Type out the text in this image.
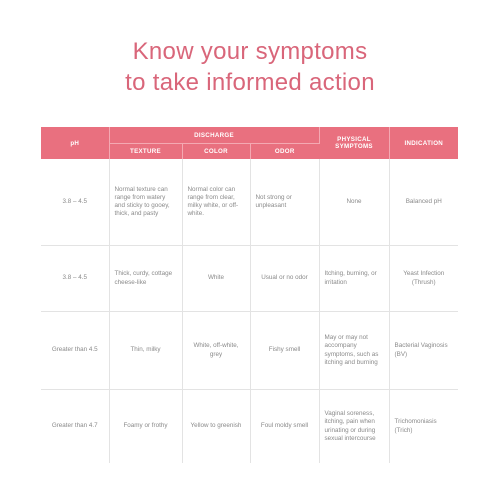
Know your symptoms
to take informed action
pH	DISCHARGE			PHYSICAL SYMPTOMS	INDICATION
	TEXTURE	COLOR	ODOR		
3.8 – 4.5	Normal texture can range from watery and sticky to gooey, thick, and pasty	Normal color can range from clear, milky white, or off-white.	Not strong or unpleasant	None	Balanced pH
3.8 – 4.5	Thick, curdy, cottage cheese-like	White	Usual or no odor	Itching, burning, or irritation	Yeast Infection (Thrush)
Greater than 4.5	Thin, milky	White, off-white, grey	Fishy smell	May or may not accompany symptoms, such as itching and burning	Bacterial Vaginosis (BV)
Greater than 4.7	Foamy or frothy	Yellow to greenish	Foul moldy smell	Vaginal soreness, itching, pain when urinating or during sexual intercourse	Trichomoniasis (Trich)
